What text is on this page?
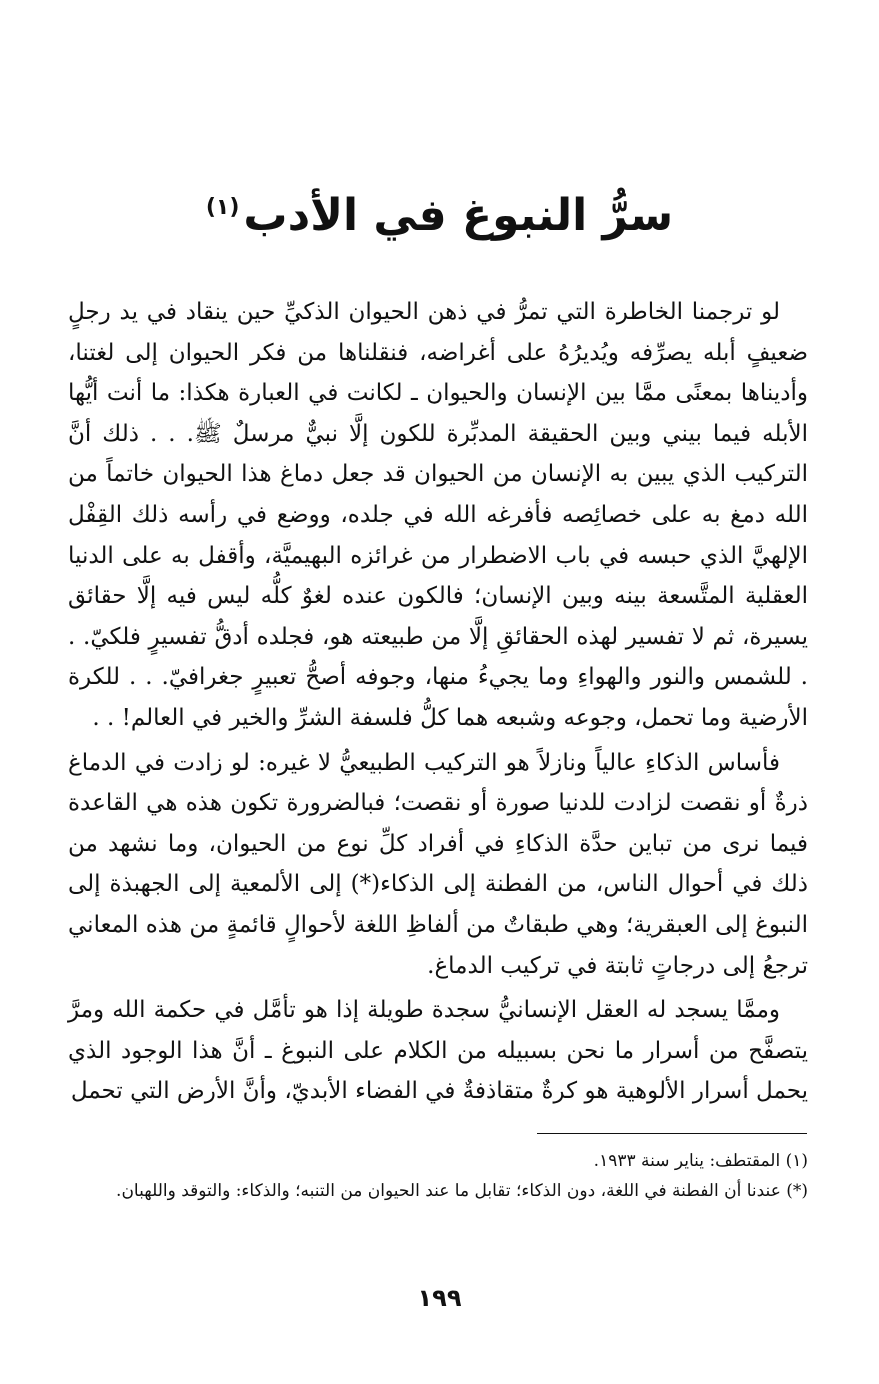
سرُّ النبوغ في الأدب$^{(١)}$

لو ترجمنا الخاطرة التي تمرُّ في ذهن الحيوان الذكيِّ حين ينقاد في يد رجلٍ ضعيفٍ أبله يصرِّفه ويُديرُهُ على أغراضه، فنقلناها من فكر الحيوان إلى لغتنا، وأديناها بمعنًى ممَّا بين الإنسان والحيوان ـ لكانت في العبارة هكذا: ما أنت أيُّها الأبله فيما بيني وبين الحقيقة المدبِّرة للكون إلَّا نبيٌّ مرسلٌ ﷺ. . . ذلك أنَّ التركيب الذي يبين به الإنسان من الحيوان قد جعل دماغ هذا الحيوان خاتماً من الله دمغ به على خصائِصه فأفرغه الله في جلده، ووضع في رأسه ذلك القِفْل الإلهيَّ الذي حبسه في باب الاضطرار من غرائزه البهيميَّة، وأقفل به على الدنيا العقلية المتَّسعة بينه وبين الإنسان؛ فالكون عنده لغوٌ كلُّه ليس فيه إلَّا حقائق يسيرة، ثم لا تفسير لهذه الحقائقِ إلَّا من طبيعته هو، فجلده أدقُّ تفسيرٍ فلكيّ. . . للشمس والنور والهواءِ وما يجيءُ منها، وجوفه أصحُّ تعبيرٍ جغرافيّ. . . للكرة الأرضية وما تحمل، وجوعه وشبعه هما كلُّ فلسفة الشرِّ والخير في العالم! . .

فأساس الذكاءِ عالياً ونازلاً هو التركيب الطبيعيُّ لا غيره: لو زادت في الدماغ ذرةٌ أو نقصت لزادت للدنيا صورة أو نقصت؛ فبالضرورة تكون هذه هي القاعدة فيما نرى من تباين حدَّة الذكاءِ في أفراد كلِّ نوع من الحيوان، وما نشهد من ذلك في أحوال الناس، من الفطنة إلى الذكاء(*) إلى الألمعية إلى الجهبذة إلى النبوغ إلى العبقرية؛ وهي طبقاتٌ من ألفاظِ اللغة لأحوالٍ قائمةٍ من هذه المعاني ترجعُ إلى درجاتٍ ثابتة في تركيب الدماغ.

وممَّا يسجد له العقل الإنسانيُّ سجدة طويلة إذا هو تأمَّل في حكمة الله ومرَّ يتصفَّح من أسرار ما نحن بسبيله من الكلام على النبوغ ـ أنَّ هذا الوجود الذي يحمل أسرار الألوهية هو كرةٌ متقاذفةٌ في الفضاء الأبديّ، وأنَّ الأرض التي تحمل

(١) المقتطف: يناير سنة ١٩٣٣.

(*) عندنا أن الفطنة في اللغة، دون الذكاء؛ تقابل ما عند الحيوان من التنبه؛ والذكاء: والتوقد واللهبان.

١٩٩
